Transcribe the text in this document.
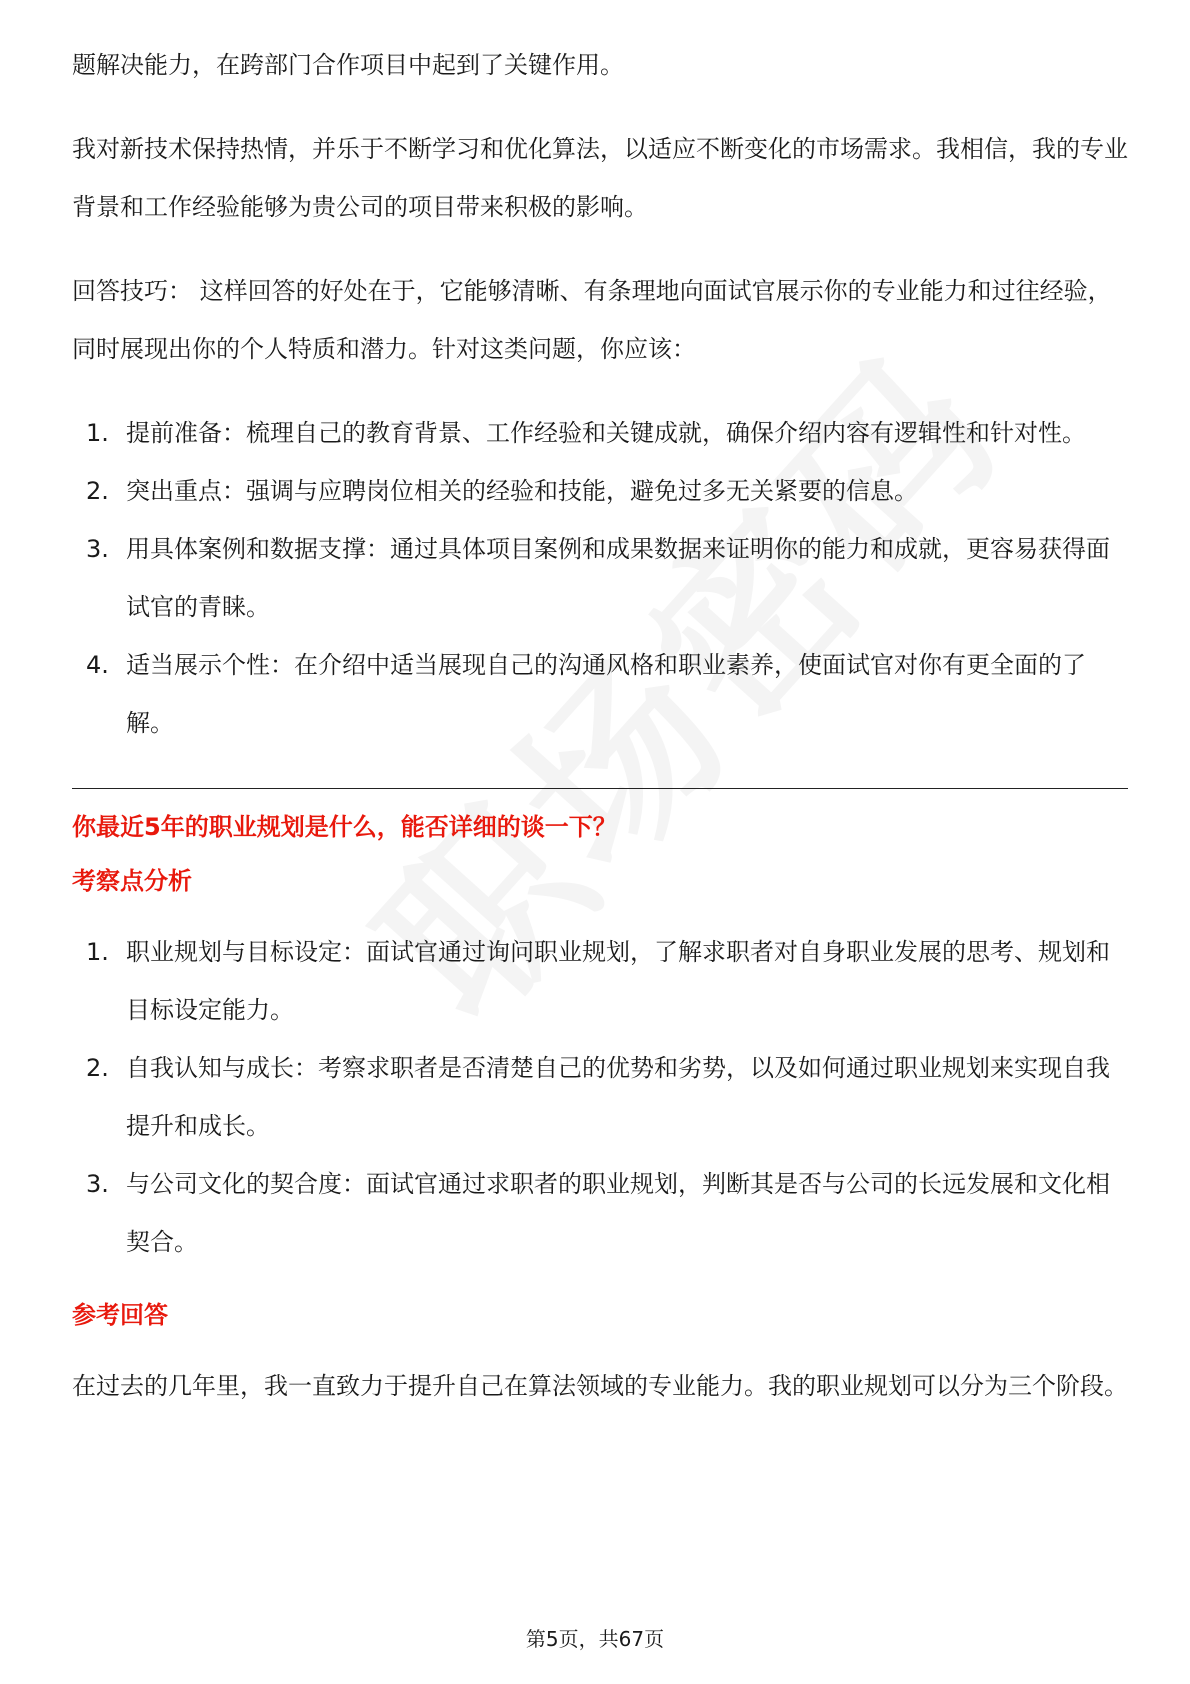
题解决能力，在跨部门合作项目中起到了关键作用。

我对新技术保持热情，并乐于不断学习和优化算法，以适应不断变化的市场需求。我相信，我的专业背景和工作经验能够为贵公司的项目带来积极的影响。

回答技巧： 这样回答的好处在于，它能够清晰、有条理地向面试官展示你的专业能力和过往经验，同时展现出你的个人特质和潜力。针对这类问题，你应该：

1. 提前准备：梳理自己的教育背景、工作经验和关键成就，确保介绍内容有逻辑性和针对性。
2. 突出重点：强调与应聘岗位相关的经验和技能，避免过多无关紧要的信息。
3. 用具体案例和数据支撑：通过具体项目案例和成果数据来证明你的能力和成就，更容易获得面试官的青睐。
4. 适当展示个性：在介绍中适当展现自己的沟通风格和职业素养，使面试官对你有更全面的了解。
你最近5年的职业规划是什么，能否详细的谈一下？
考察点分析
1. 职业规划与目标设定：面试官通过询问职业规划，了解求职者对自身职业发展的思考、规划和目标设定能力。
2. 自我认知与成长：考察求职者是否清楚自己的优势和劣势，以及如何通过职业规划来实现自我提升和成长。
3. 与公司文化的契合度：面试官通过求职者的职业规划，判断其是否与公司的长远发展和文化相契合。
参考回答

在过去的几年里，我一直致力于提升自己在算法领域的专业能力。我的职业规划可以分为三个阶段。

第5页，共67页
